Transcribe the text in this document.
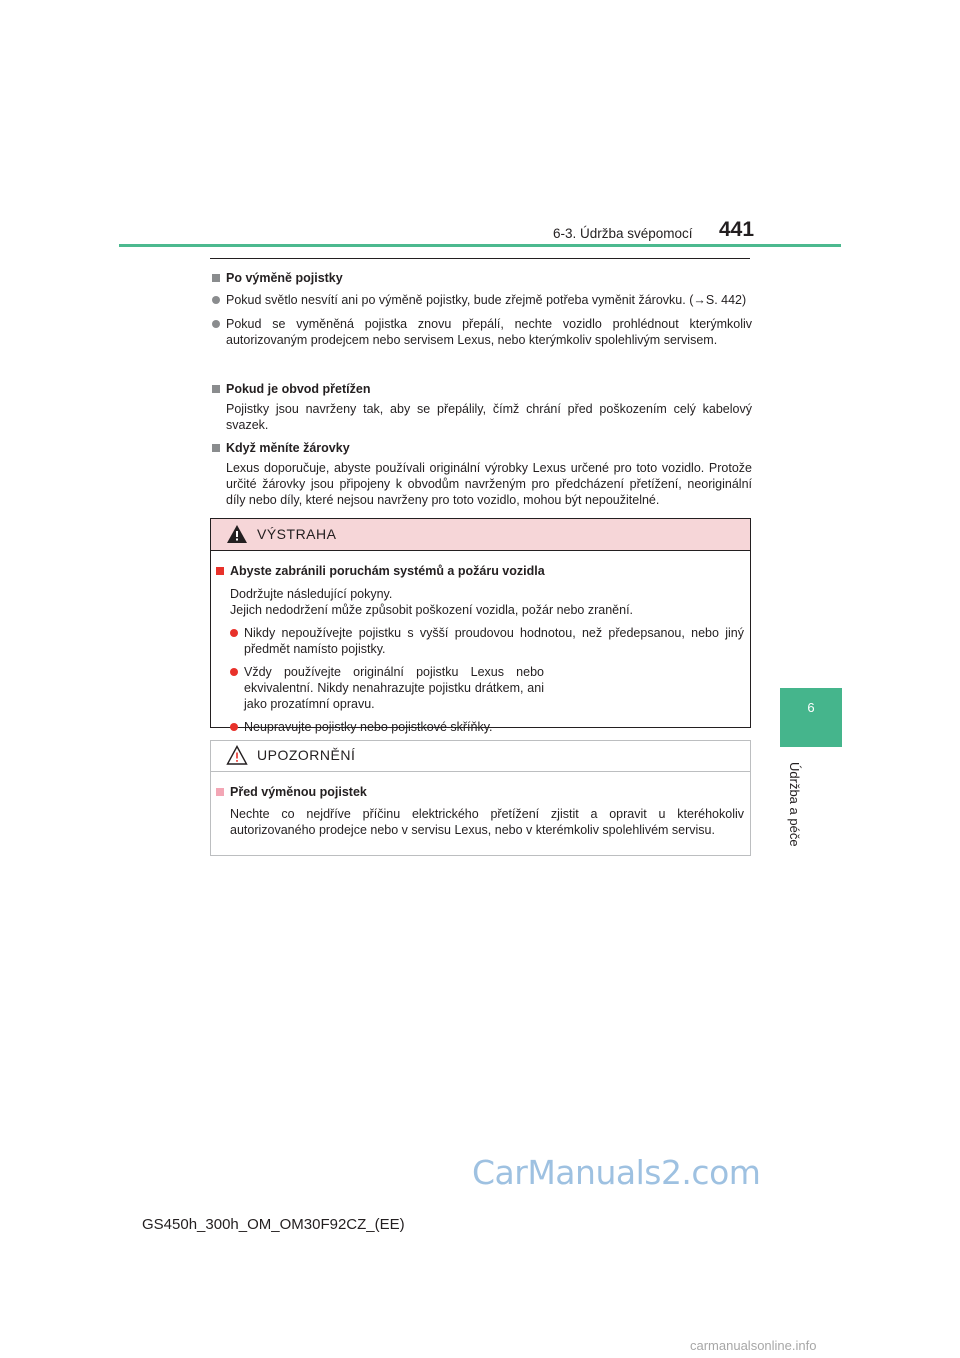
6-3. Údržba svépomocí 441
6
Údržba a péče
Po výměně pojistky
Pokud světlo nesvítí ani po výměně pojistky, bude zřejmě potřeba vyměnit žárovku. (→S. 442)
Pokud se vyměněná pojistka znovu přepálí, nechte vozidlo prohlédnout kterýmkoliv autorizovaným prodejcem nebo servisem Lexus, nebo kterýmkoliv spolehlivým servisem.
Pokud je obvod přetížen
Pojistky jsou navrženy tak, aby se přepálily, čímž chrání před poškozením celý kabelový svazek.
Když měníte žárovky
Lexus doporučuje, abyste používali originální výrobky Lexus určené pro toto vozidlo. Protože určité žárovky jsou připojeny k obvodům navrženým pro předcházení přetížení, neoriginální díly nebo díly, které nejsou navrženy pro toto vozidlo, mohou být nepoužitelné.
VÝSTRAHA
Abyste zabránili poruchám systémů a požáru vozidla
Dodržujte následující pokyny.
Jejich nedodržení může způsobit poškození vozidla, požár nebo zranění.
Nikdy nepoužívejte pojistku s vyšší proudovou hodnotou, než předepsanou, nebo jiný předmět namísto pojistky.
Vždy používejte originální pojistku Lexus nebo ekvivalentní. Nikdy nenahrazujte pojistku drátkem, ani jako prozatímní opravu.
Neupravujte pojistky nebo pojistkové skříňky.
UPOZORNĚNÍ
Před výměnou pojistek
Nechte co nejdříve příčinu elektrického přetížení zjistit a opravit u kteréhokoliv autorizovaného prodejce nebo v servisu Lexus, nebo v kterémkoliv spolehlivém servisu.
CarManuals2.com
GS450h_300h_OM_OM30F92CZ_(EE)
carmanualsonline.info
